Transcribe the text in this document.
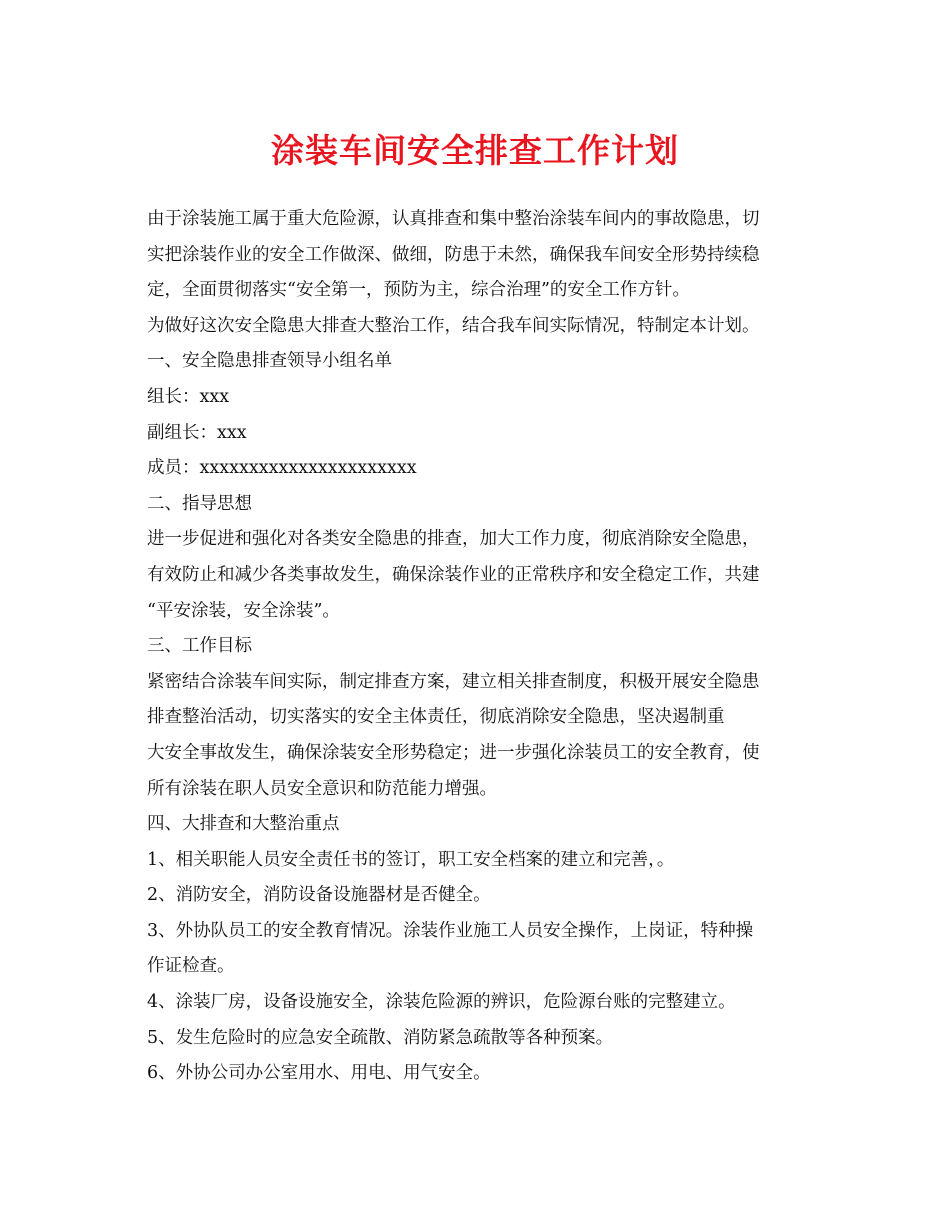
涂装车间安全排查工作计划
由于涂装施工属于重大危险源，认真排查和集中整治涂装车间内的事故隐患，切
实把涂装作业的安全工作做深、做细，防患于未然，确保我车间安全形势持续稳
定，全面贯彻落实“安全第一，预防为主，综合治理”的安全工作方针。
为做好这次安全隐患大排查大整治工作，结合我车间实际情况，特制定本计划。
一、安全隐患排查领导小组名单
组长：xxx
副组长：xxx
成员：xxxxxxxxxxxxxxxxxxxxxx
二、指导思想
进一步促进和强化对各类安全隐患的排查，加大工作力度，彻底消除安全隐患，
有效防止和减少各类事故发生，确保涂装作业的正常秩序和安全稳定工作，共建
“平安涂装，安全涂装”。
三、工作目标
紧密结合涂装车间实际，制定排查方案，建立相关排查制度，积极开展安全隐患
排查整治活动，切实落实的安全主体责任，彻底消除安全隐患，坚决遏制重
大安全事故发生，确保涂装安全形势稳定；进一步强化涂装员工的安全教育，使
所有涂装在职人员安全意识和防范能力增强。
四、大排查和大整治重点
1、相关职能人员安全责任书的签订，职工安全档案的建立和完善，。
2、消防安全，消防设备设施器材是否健全。
3、外协队员工的安全教育情况。涂装作业施工人员安全操作，上岗证，特种操
作证检查。
4、涂装厂房，设备设施安全，涂装危险源的辨识，危险源台账的完整建立。
5、发生危险时的应急安全疏散、消防紧急疏散等各种预案。
6、外协公司办公室用水、用电、用气安全。
